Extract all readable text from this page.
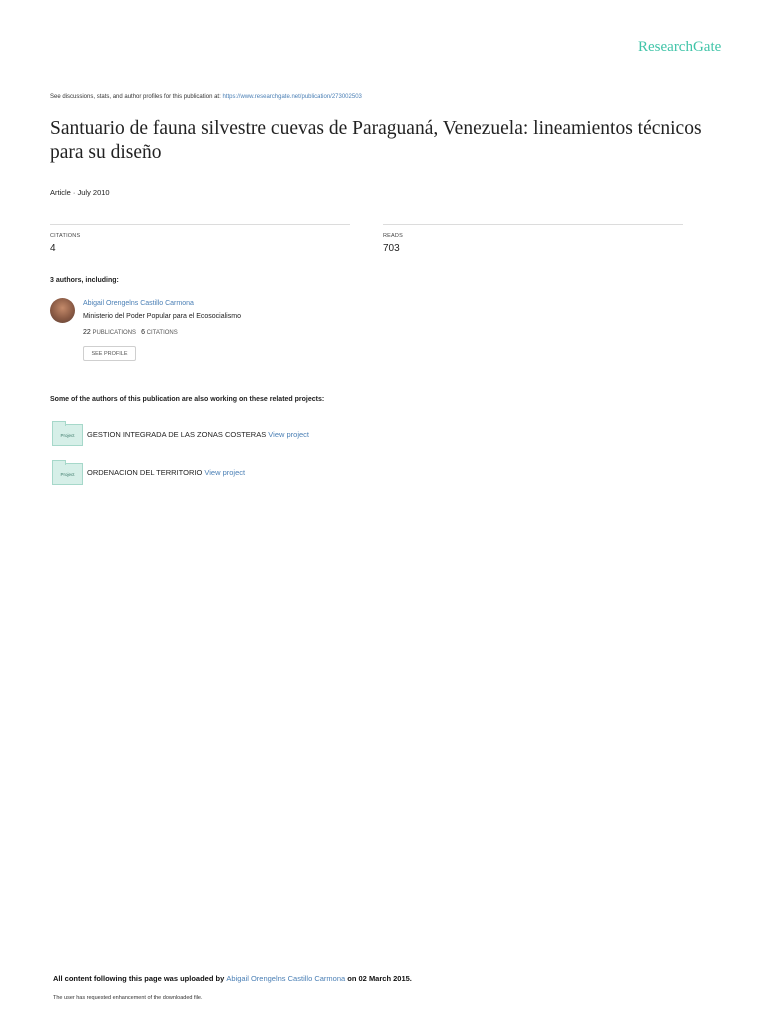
ResearchGate
See discussions, stats, and author profiles for this publication at: https://www.researchgate.net/publication/273002503
Santuario de fauna silvestre cuevas de Paraguaná, Venezuela: lineamientos técnicos para su diseño
Article · July 2010
CITATIONS
4
READS
703
3 authors, including:
Abigail Orengelns Castillo Carmona
Ministerio del Poder Popular para el Ecosocialismo
22 PUBLICATIONS 6 CITATIONS
SEE PROFILE
Some of the authors of this publication are also working on these related projects:
Project	GESTION INTEGRADA DE LAS ZONAS COSTERAS View project
Project	ORDENACION DEL TERRITORIO View project
All content following this page was uploaded by Abigail Orengelns Castillo Carmona on 02 March 2015.
The user has requested enhancement of the downloaded file.
